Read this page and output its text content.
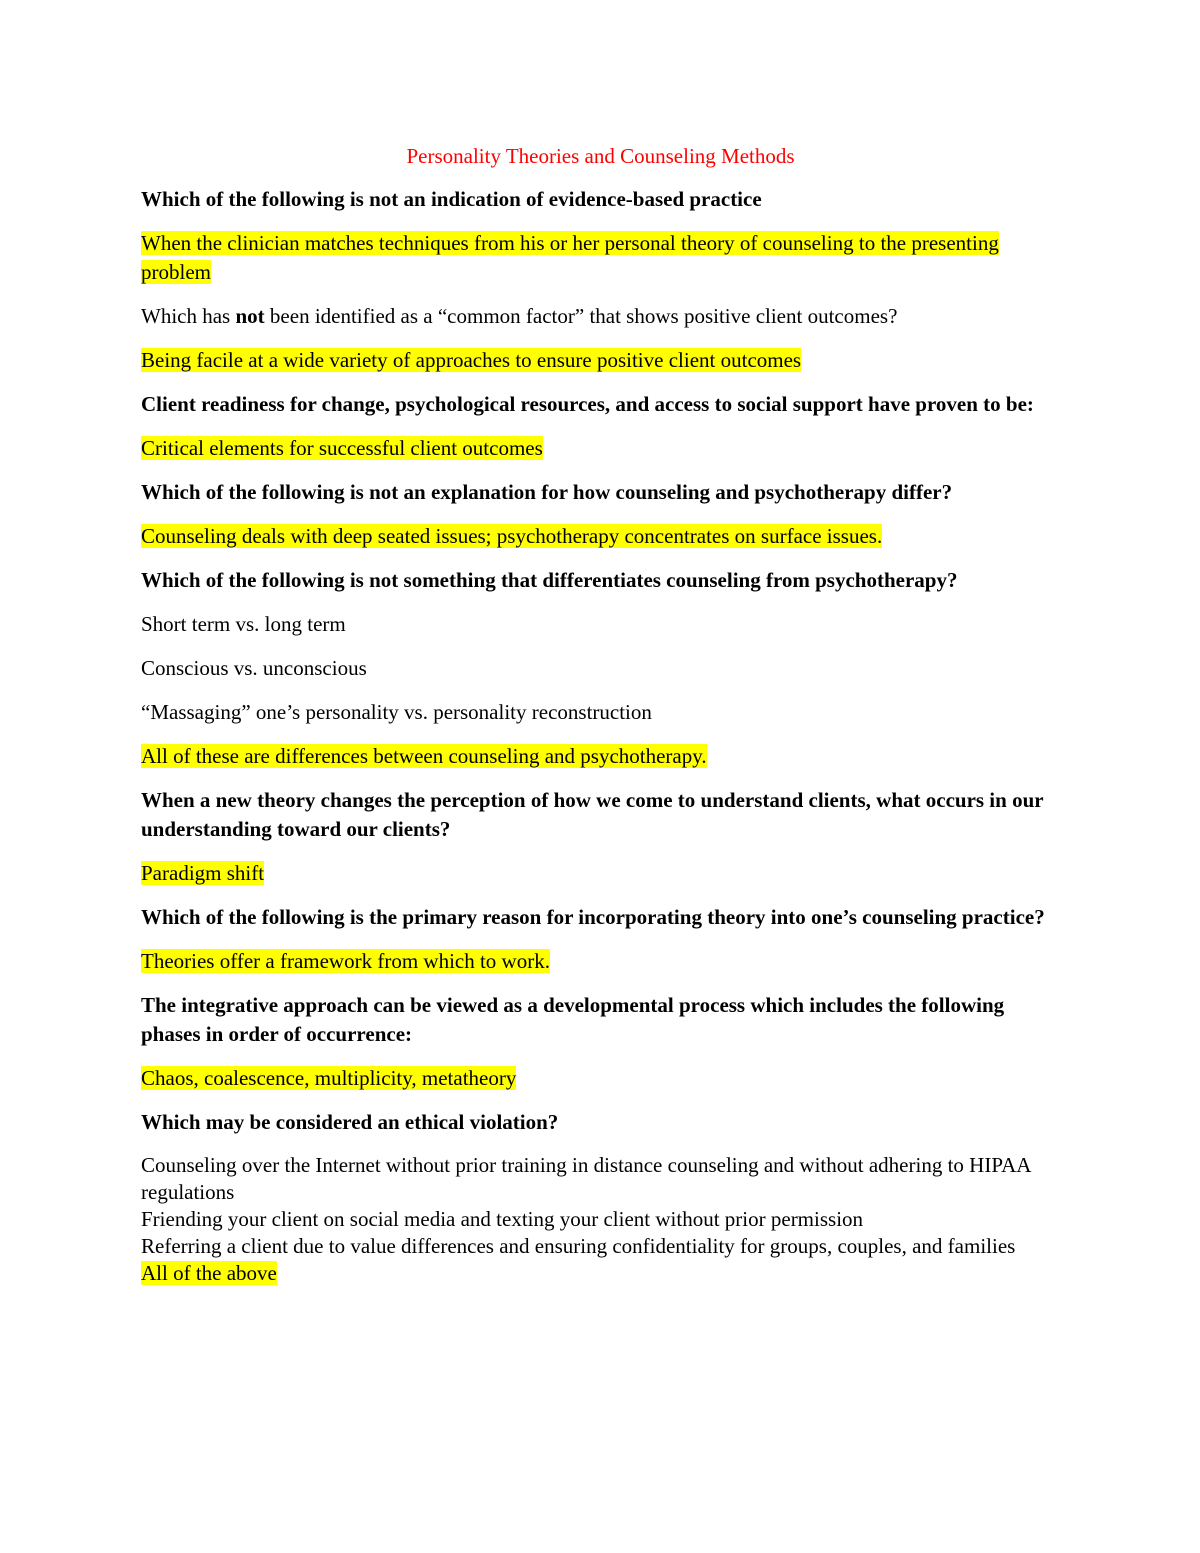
Personality Theories and Counseling Methods
Which of the following is not an indication of evidence-based practice
When the clinician matches techniques from his or her personal theory of counseling to the presenting problem
Which has not been identified as a “common factor” that shows positive client outcomes?
Being facile at a wide variety of approaches to ensure positive client outcomes
Client readiness for change, psychological resources, and access to social support have proven to be:
Critical elements for successful client outcomes
Which of the following is not an explanation for how counseling and psychotherapy differ?
Counseling deals with deep seated issues; psychotherapy concentrates on surface issues.
Which of the following is not something that differentiates counseling from psychotherapy?
Short term vs. long term
Conscious vs. unconscious
“Massaging” one’s personality vs. personality reconstruction
All of these are differences between counseling and psychotherapy.
When a new theory changes the perception of how we come to understand clients, what occurs in our understanding toward our clients?
Paradigm shift
Which of the following is the primary reason for incorporating theory into one’s counseling practice?
Theories offer a framework from which to work.
The integrative approach can be viewed as a developmental process which includes the following phases in order of occurrence:
Chaos, coalescence, multiplicity, metatheory
Which may be considered an ethical violation?
Counseling over the Internet without prior training in distance counseling and without adhering to HIPAA regulations
Friending your client on social media and texting your client without prior permission
Referring a client due to value differences and ensuring confidentiality for groups, couples, and families
All of the above
